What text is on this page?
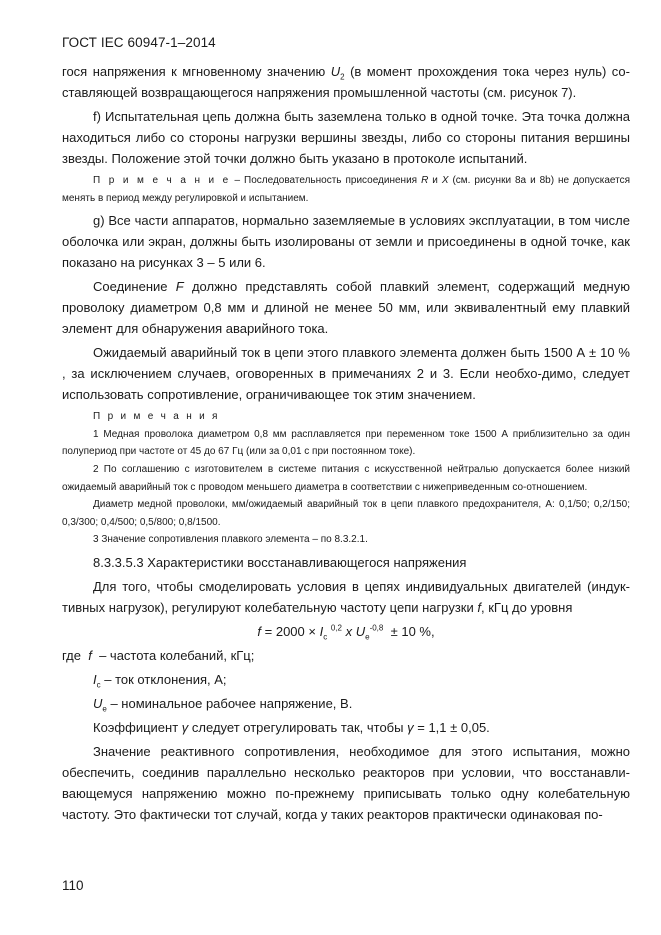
ГОСТ IEC 60947-1–2014

гося напряжения к мгновенному значению $U_2$ (в момент прохождения тока через нуль) со-ставляющей возвращающегося напряжения промышленной частоты (см. рисунок 7).

f) Испытательная цепь должна быть заземлена только в одной точке. Эта точка должна находиться либо со стороны нагрузки вершины звезды, либо со стороны питания вершины звезды. Положение этой точки должно быть указано в протоколе испытаний.

П р и м е ч а н и е – Последовательность присоединения R и X (см. рисунки 8а и 8b) не допускается менять в период между регулировкой и испытанием.

g) Все части аппаратов, нормально заземляемые в условиях эксплуатации, в том числе оболочка или экран, должны быть изолированы от земли и присоединены в одной точке, как показано на рисунках 3 – 5 или 6.

Соединение F должно представлять собой плавкий элемент, содержащий медную проволоку диаметром 0,8 мм и длиной не менее 50 мм, или эквивалентный ему плавкий элемент для обнаружения аварийного тока.

Ожидаемый аварийный ток в цепи этого плавкого элемента должен быть 1500 А ± 10 % , за исключением случаев, оговоренных в примечаниях 2 и 3. Если необхо-димо, следует использовать сопротивление, ограничивающее ток этим значением.

П р и м е ч а н и я

1 Медная проволока диаметром 0,8 мм расплавляется при переменном токе 1500 А приблизительно за один полупериод при частоте от 45 до 67 Гц (или за 0,01 с при постоянном токе).

2 По соглашению с изготовителем в системе питания с искусственной нейтралью допускается более низкий ожидаемый аварийный ток с проводом меньшего диаметра в соответствии с нижеприведенным со-отношением.

Диаметр медной проволоки, мм/ожидаемый аварийный ток в цепи плавкого предохранителя, А: 0,1/50; 0,2/150; 0,3/300; 0,4/500; 0,5/800; 0,8/1500.

3 Значение сопротивления плавкого элемента – по 8.3.2.1.

8.3.3.5.3 Характеристики восстанавливающегося напряжения

Для того, чтобы смоделировать условия в цепях индивидуальных двигателей (индук-тивных нагрузок), регулируют колебательную частоту цепи нагрузки f, кГц до уровня

$f = 2000 \times I_c$ $^{0,2}$ x $U_e^{-0,8} \pm 10$ %,

где f – частота колебаний, кГц;

$I_c$ – ток отклонения, А;

$U_e$ – номинальное рабочее напряжение, В.

Коэффициент γ следует отрегулировать так, чтобы γ = 1,1 ± 0,05.

Значение реактивного сопротивления, необходимое для этого испытания, можно обеспечить, соединив параллельно несколько реакторов при условии, что восстанавли-вающемуся напряжению можно по-прежнему приписывать только одну колебательную частоту. Это фактически тот случай, когда у таких реакторов практически одинаковая по-

110
